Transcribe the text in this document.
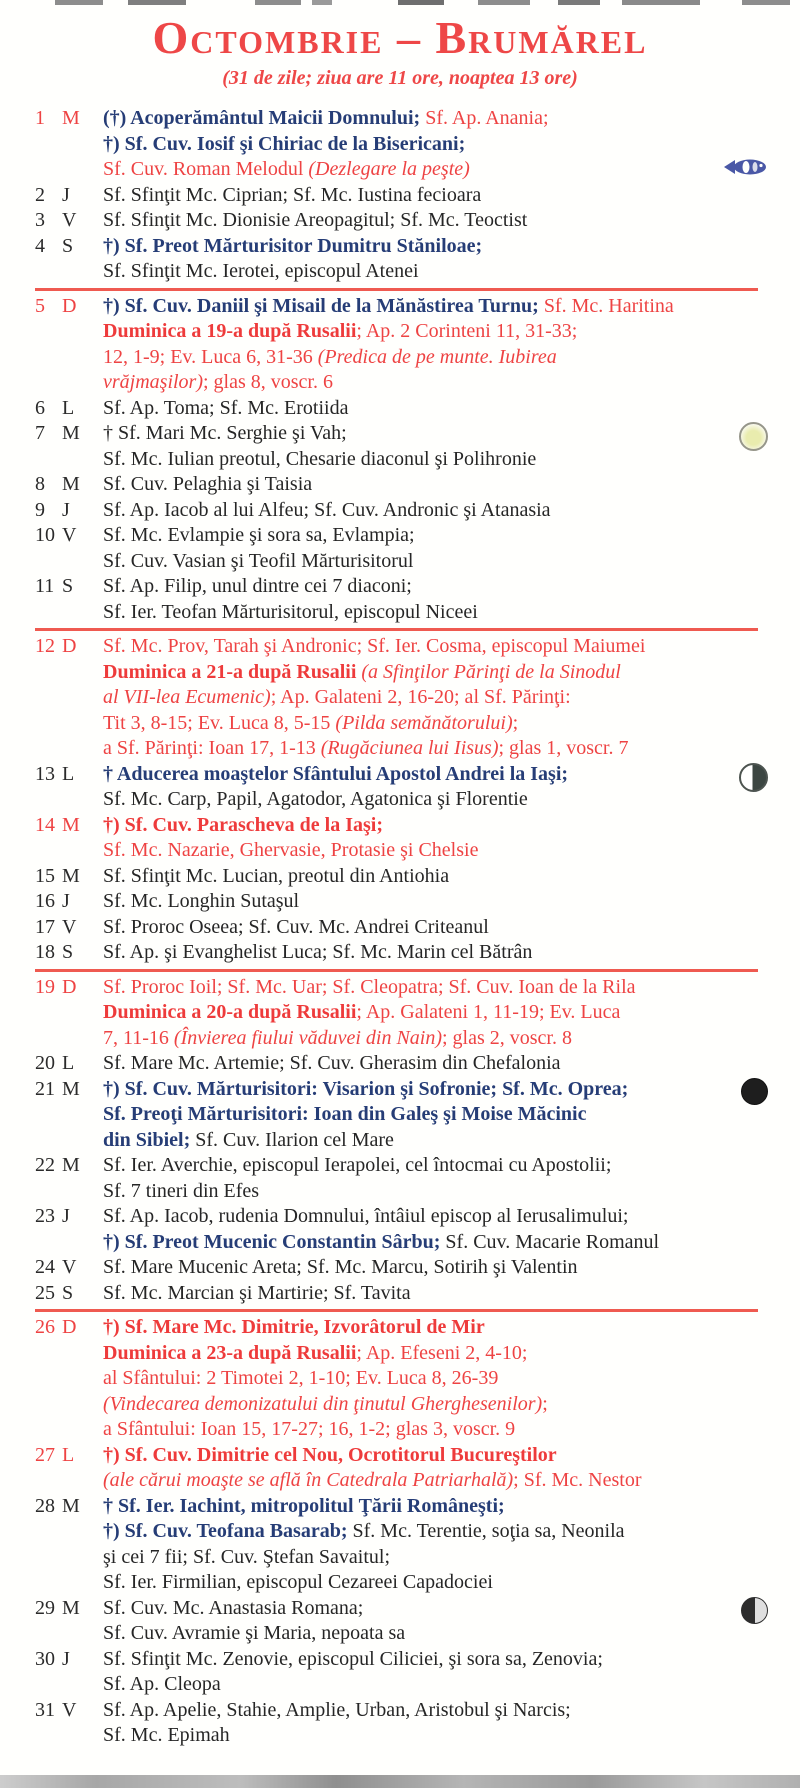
Octombrie – Brumărel
(31 de zile; ziua are 11 ore, noaptea 13 ore)
1 M	(†) Acoperământul Maicii Domnului; Sf. Ap. Anania;
†) Sf. Cuv. Iosif şi Chiriac de la Bisericani;
Sf. Cuv. Roman Melodul (Dezlegare la peşte)
2 J	Sf. Sfinţit Mc. Ciprian; Sf. Mc. Iustina fecioara
3 V	Sf. Sfinţit Mc. Dionisie Areopagitul; Sf. Mc. Teoctist
4 S	†) Sf. Preot Mărturisitor Dumitru Stăniloae;
Sf. Sfinţit Mc. Ierotei, episcopul Atenei
5 D	†) Sf. Cuv. Daniil şi Misail de la Mănăstirea Turnu; Sf. Mc. Haritina
Duminica a 19-a după Rusalii; Ap. 2 Corinteni 11, 31-33;
12, 1-9; Ev. Luca 6, 31-36 (Predica de pe munte. Iubirea
vrăjmaşilor); glas 8, voscr. 6
6 L	Sf. Ap. Toma; Sf. Mc. Erotiida
7 M	† Sf. Mari Mc. Serghie şi Vah;
Sf. Mc. Iulian preotul, Chesarie diaconul şi Polihronie
8 M	Sf. Cuv. Pelaghia şi Taisia
9 J	Sf. Ap. Iacob al lui Alfeu; Sf. Cuv. Andronic şi Atanasia
10 V	Sf. Mc. Evlampie şi sora sa, Evlampia;
Sf. Cuv. Vasian şi Teofil Mărturisitorul
11 S	Sf. Ap. Filip, unul dintre cei 7 diaconi;
Sf. Ier. Teofan Mărturisitorul, episcopul Niceei
12 D	Sf. Mc. Prov, Tarah şi Andronic; Sf. Ier. Cosma, episcopul Maiumei
Duminica a 21-a după Rusalii (a Sfinţilor Părinţi de la Sinodul
al VII-lea Ecumenic); Ap. Galateni 2, 16-20; al Sf. Părinţi:
Tit 3, 8-15; Ev. Luca 8, 5-15 (Pilda semănătorului);
a Sf. Părinţi: Ioan 17, 1-13 (Rugăciunea lui Iisus); glas 1, voscr. 7
13 L	† Aducerea moaştelor Sfântului Apostol Andrei la Iaşi;
Sf. Mc. Carp, Papil, Agatodor, Agatonica şi Florentie
14 M	†) Sf. Cuv. Parascheva de la Iaşi;
Sf. Mc. Nazarie, Ghervasie, Protasie şi Chelsie
15 M	Sf. Sfinţit Mc. Lucian, preotul din Antiohia
16 J	Sf. Mc. Longhin Sutaşul
17 V	Sf. Proroc Oseea; Sf. Cuv. Mc. Andrei Criteanul
18 S	Sf. Ap. şi Evanghelist Luca; Sf. Mc. Marin cel Bătrân
19 D	Sf. Proroc Ioil; Sf. Mc. Uar; Sf. Cleopatra; Sf. Cuv. Ioan de la Rila
Duminica a 20-a după Rusalii; Ap. Galateni 1, 11-19; Ev. Luca
7, 11-16 (Învierea fiului văduvei din Nain); glas 2, voscr. 8
20 L	Sf. Mare Mc. Artemie; Sf. Cuv. Gherasim din Chefalonia
21 M	†) Sf. Cuv. Mărturisitori: Visarion şi Sofronie; Sf. Mc. Oprea;
Sf. Preoţi Mărturisitori: Ioan din Galeş şi Moise Măcinic
din Sibiel; Sf. Cuv. Ilarion cel Mare
22 M	Sf. Ier. Averchie, episcopul Ierapolei, cel întocmai cu Apostolii;
Sf. 7 tineri din Efes
23 J	Sf. Ap. Iacob, rudenia Domnului, întâiul episcop al Ierusalimului;
†) Sf. Preot Mucenic Constantin Sârbu; Sf. Cuv. Macarie Romanul
24 V	Sf. Mare Mucenic Areta; Sf. Mc. Marcu, Sotirih şi Valentin
25 S	Sf. Mc. Marcian şi Martirie; Sf. Tavita
26 D	†) Sf. Mare Mc. Dimitrie, Izvorâtorul de Mir
Duminica a 23-a după Rusalii; Ap. Efeseni 2, 4-10;
al Sfântului: 2 Timotei 2, 1-10; Ev. Luca 8, 26-39
(Vindecarea demonizatului din ţinutul Gherghesenilor);
a Sfântului: Ioan 15, 17-27; 16, 1-2; glas 3, voscr. 9
27 L	†) Sf. Cuv. Dimitrie cel Nou, Ocrotitorul Bucureştilor
(ale cărui moaşte se află în Catedrala Patriarhală); Sf. Mc. Nestor
28 M	† Sf. Ier. Iachint, mitropolitul Ţării Româneşti;
†) Sf. Cuv. Teofana Basarab; Sf. Mc. Terentie, soţia sa, Neonila
şi cei 7 fii; Sf. Cuv. Ştefan Savaitul;
Sf. Ier. Firmilian, episcopul Cezareei Capadociei
29 M	Sf. Cuv. Mc. Anastasia Romana;
Sf. Cuv. Avramie şi Maria, nepoata sa
30 J	Sf. Sfinţit Mc. Zenovie, episcopul Ciliciei, şi sora sa, Zenovia;
Sf. Ap. Cleopa
31 V	Sf. Ap. Apelie, Stahie, Amplie, Urban, Aristobul şi Narcis;
Sf. Mc. Epimah
